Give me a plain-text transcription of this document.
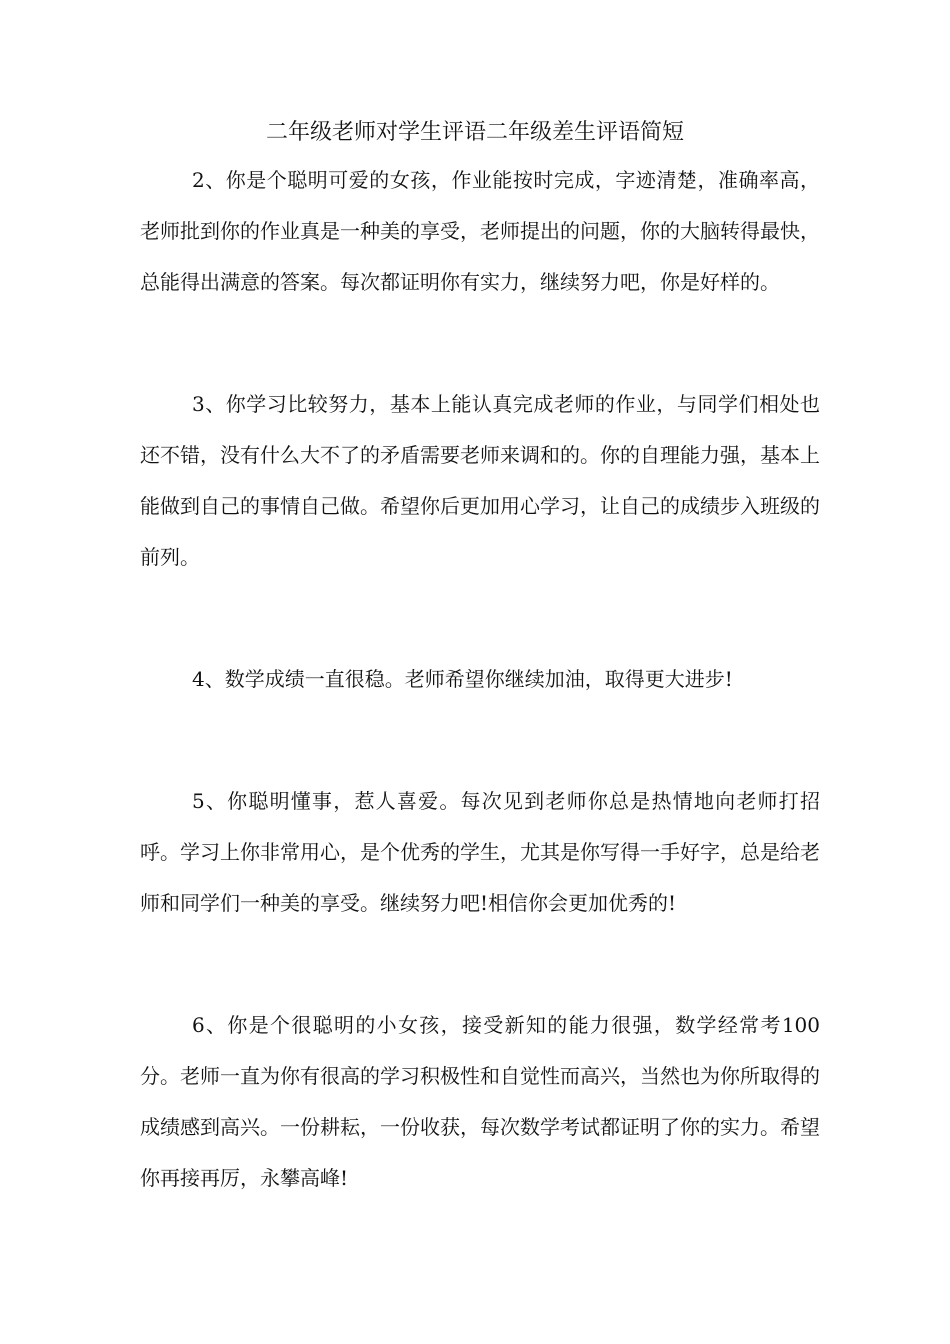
二年级老师对学生评语二年级差生评语简短

2、你是个聪明可爱的女孩，作业能按时完成，字迹清楚，准确率高，老师批到你的作业真是一种美的享受，老师提出的问题，你的大脑转得最快，总能得出满意的答案。每次都证明你有实力，继续努力吧，你是好样的。

3、你学习比较努力，基本上能认真完成老师的作业，与同学们相处也还不错，没有什么大不了的矛盾需要老师来调和的。你的自理能力强，基本上能做到自己的事情自己做。希望你后更加用心学习，让自己的成绩步入班级的前列。

4、数学成绩一直很稳。老师希望你继续加油，取得更大进步!

5、你聪明懂事，惹人喜爱。每次见到老师你总是热情地向老师打招呼。学习上你非常用心，是个优秀的学生，尤其是你写得一手好字，总是给老师和同学们一种美的享受。继续努力吧!相信你会更加优秀的!

6、你是个很聪明的小女孩，接受新知的能力很强，数学经常考100分。老师一直为你有很高的学习积极性和自觉性而高兴，当然也为你所取得的成绩感到高兴。一份耕耘，一份收获，每次数学考试都证明了你的实力。希望你再接再厉，永攀高峰!
